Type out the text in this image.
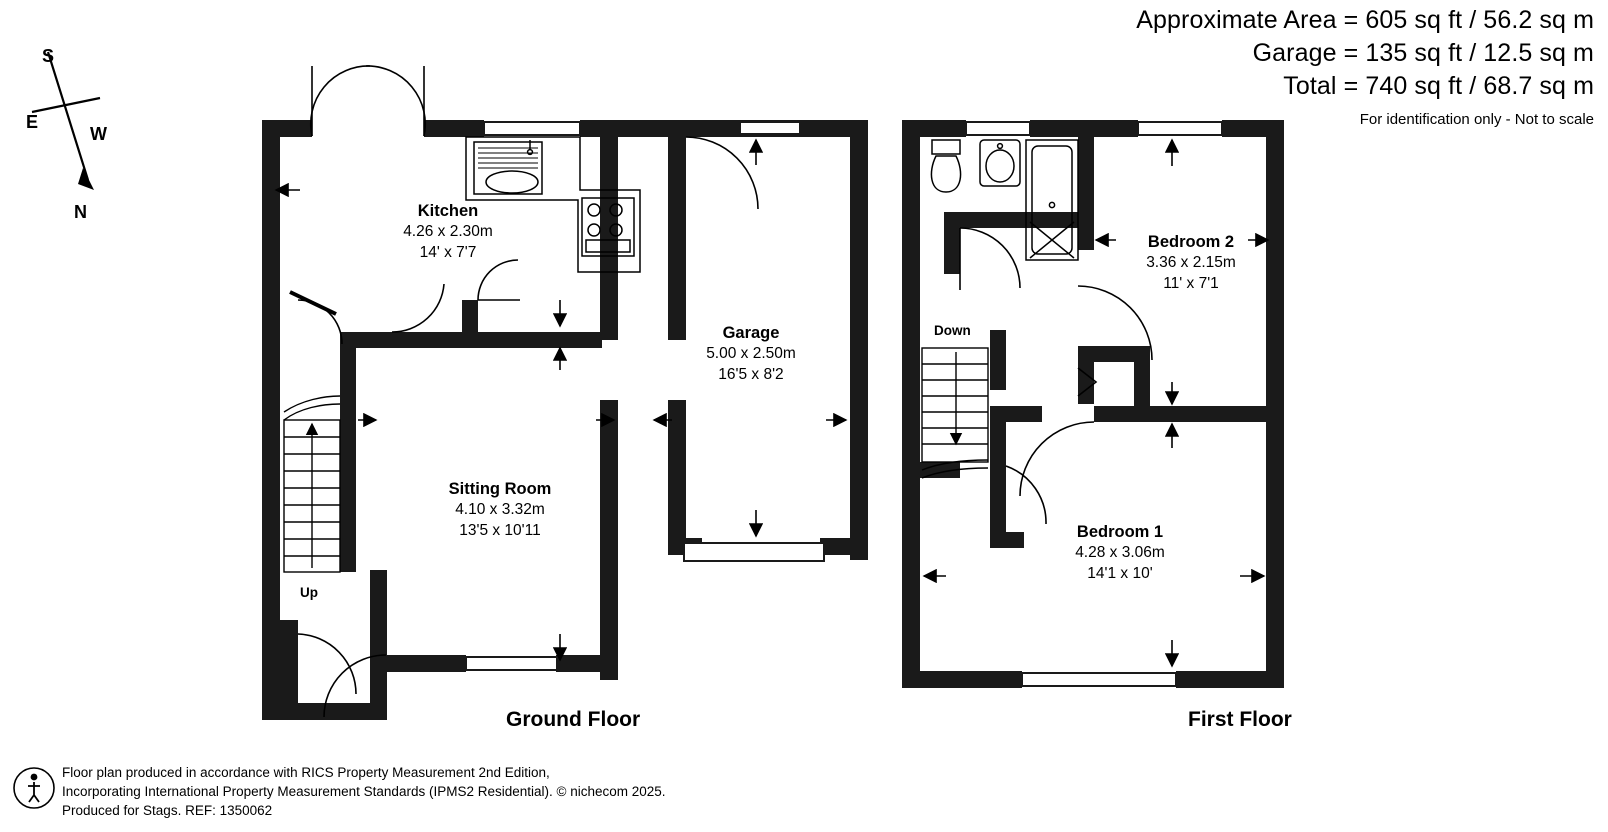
Approximate Area = 605 sq ft / 56.2 sq m
Garage = 135 sq ft / 12.5 sq m
Total = 740 sq ft / 68.7 sq m
For identification only - Not to scale
S
E
W
N	Kitchen
4.26 x 2.30m
14' x 7'7
Sitting Room
4.10 x 3.32m
13'5 x 10'11
Garage
5.00 x 2.50m
16'5 x 8'2
Up
Bedroom 2
3.36 x 2.15m
11' x 7'1
Bedroom 1
4.28 x 3.06m
14'1 x 10'
Down
Ground Floor	First Floor
Floor plan produced in accordance with RICS Property Measurement 2nd Edition,
Incorporating International Property Measurement Standards (IPMS2 Residential). © nichecom 2025.
Produced for Stags. REF: 1350062
